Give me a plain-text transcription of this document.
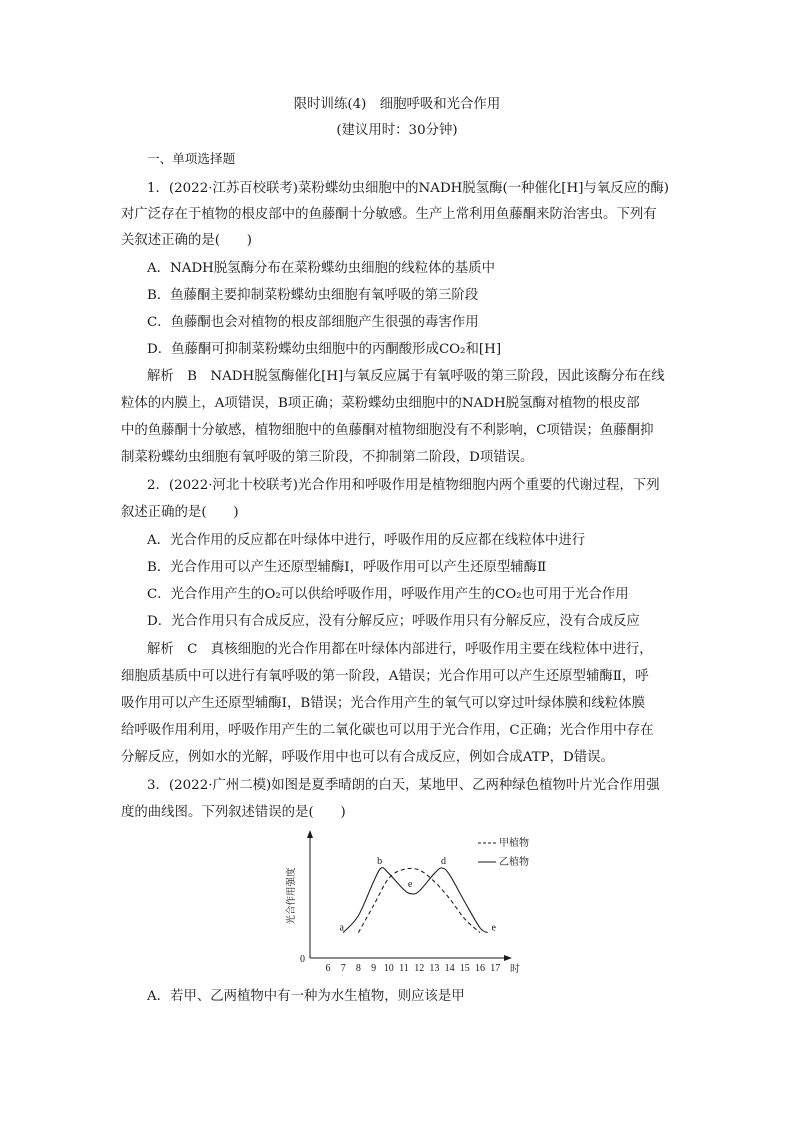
限时训练(4)　细胞呼吸和光合作用
(建议用时：30分钟)
一、单项选择题
1．(2022·江苏百校联考)菜粉蝶幼虫细胞中的NADH脱氢酶(一种催化[H]与氧反应的酶)
对广泛存在于植物的根皮部中的鱼藤酮十分敏感。生产上常利用鱼藤酮来防治害虫。下列有
关叙述正确的是(　　)
A．NADH脱氢酶分布在菜粉蝶幼虫细胞的线粒体的基质中
B．鱼藤酮主要抑制菜粉蝶幼虫细胞有氧呼吸的第三阶段
C．鱼藤酮也会对植物的根皮部细胞产生很强的毒害作用
D．鱼藤酮可抑制菜粉蝶幼虫细胞中的丙酮酸形成CO₂和[H]
解析　B　NADH脱氢酶催化[H]与氧反应属于有氧呼吸的第三阶段，因此该酶分布在线
粒体的内膜上，A项错误，B项正确；菜粉蝶幼虫细胞中的NADH脱氢酶对植物的根皮部
中的鱼藤酮十分敏感，植物细胞中的鱼藤酮对植物细胞没有不利影响，C项错误；鱼藤酮抑
制菜粉蝶幼虫细胞有氧呼吸的第三阶段，不抑制第二阶段，D项错误。
2．(2022·河北十校联考)光合作用和呼吸作用是植物细胞内两个重要的代谢过程，下列
叙述正确的是(　　)
A．光合作用的反应都在叶绿体中进行，呼吸作用的反应都在线粒体中进行
B．光合作用可以产生还原型辅酶Ⅰ，呼吸作用可以产生还原型辅酶Ⅱ
C．光合作用产生的O₂可以供给呼吸作用，呼吸作用产生的CO₂也可用于光合作用
D．光合作用只有合成反应，没有分解反应；呼吸作用只有分解反应，没有合成反应
解析　C　真核细胞的光合作用都在叶绿体内部进行，呼吸作用主要在线粒体中进行，
细胞质基质中可以进行有氧呼吸的第一阶段，A错误；光合作用可以产生还原型辅酶Ⅱ，呼
吸作用可以产生还原型辅酶Ⅰ，B错误；光合作用产生的氧气可以穿过叶绿体膜和线粒体膜
给呼吸作用利用，呼吸作用产生的二氧化碳也可以用于光合作用，C正确；光合作用中存在
分解反应，例如水的光解，呼吸作用中也可以有合成反应，例如合成ATP，D错误。
3．(2022·广州二模)如图是夏季晴朗的白天，某地甲、乙两种绿色植物叶片光合作用强
度的曲线图。下列叙述错误的是(　　)
0
时
光合作用强度
6 7 8 9 10 11 12 13 14 15 16 17
a
b
e
d
e
甲植物
乙植物
A．若甲、乙两植物中有一种为水生植物，则应该是甲
